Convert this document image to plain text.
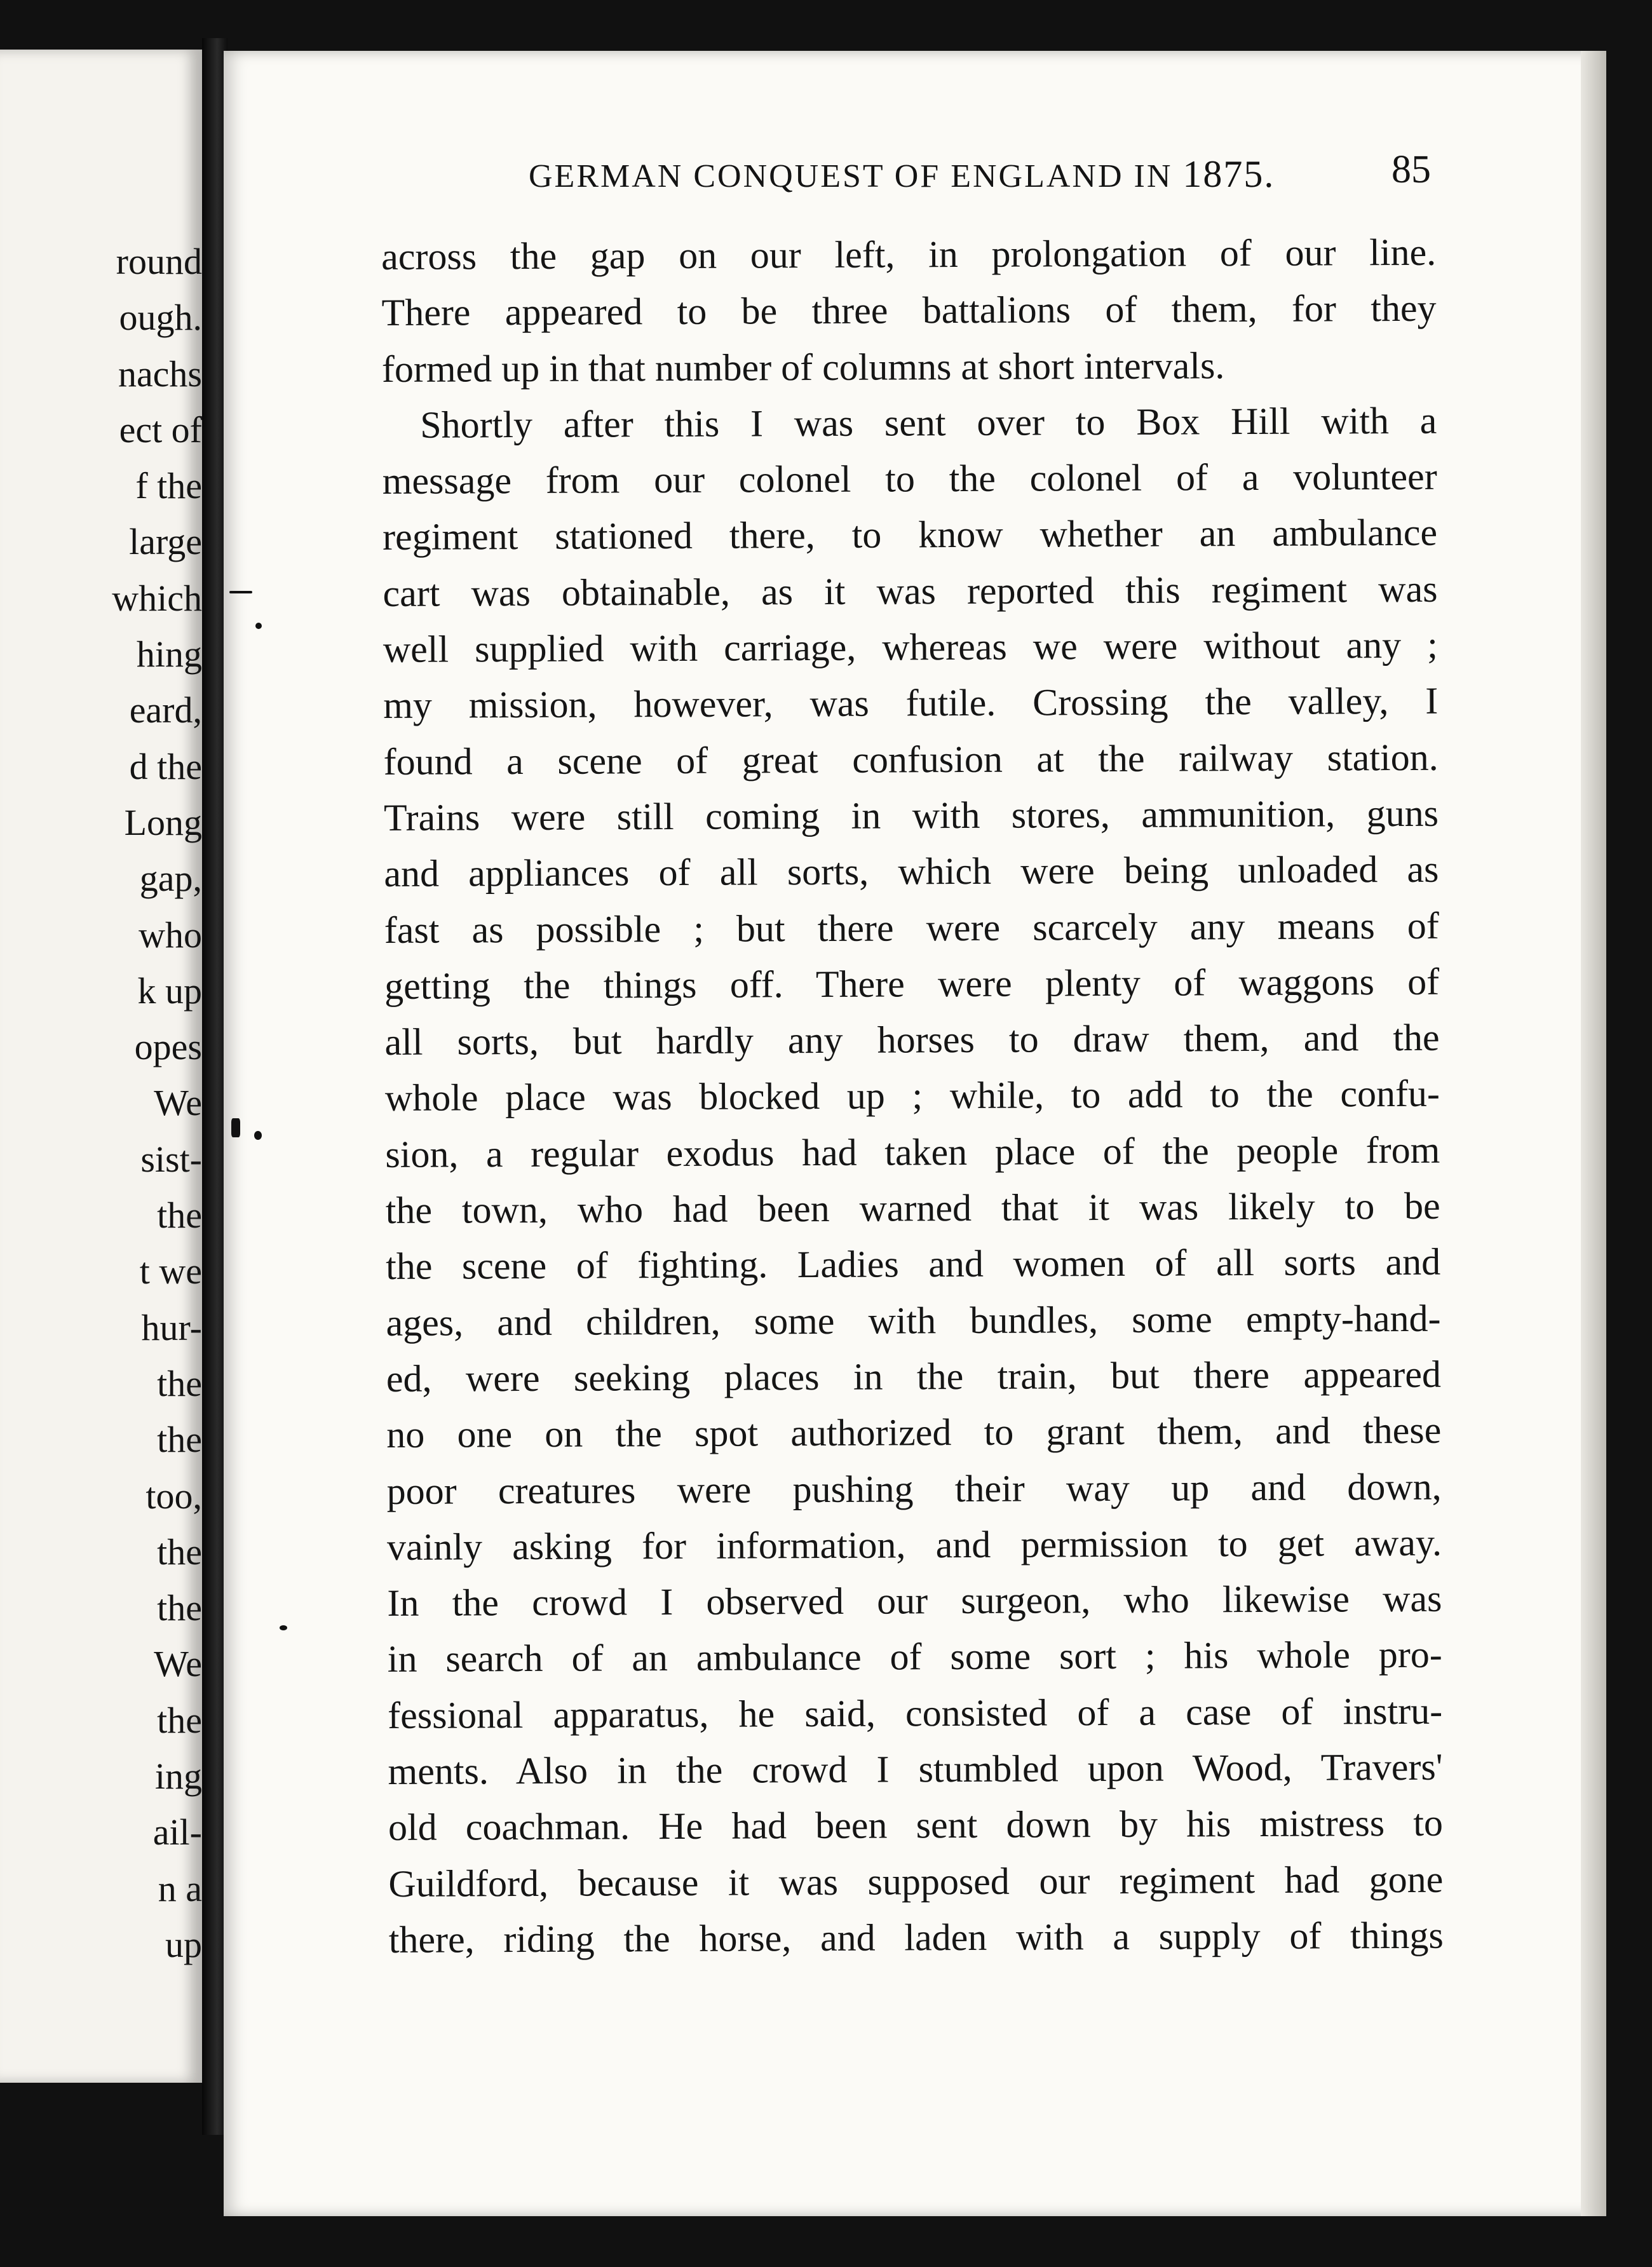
round
ough.
nachs
ect of
f the
large
which
hing
eard,
d the
Long
gap,
who
k up
opes
We
sist-
the
t we
hur-
the
the
too,
the
the
We
the
ing
ail-
n a
up
GERMAN CONQUEST OF ENGLAND IN 1875.	85
across the gap on our left, in prolongation of our line.
There appeared to be three battalions of them, for they
formed up in that number of columns at short intervals.
Shortly after this I was sent over to Box Hill with a
message from our colonel to the colonel of a volunteer
regiment stationed there, to know whether an ambulance
cart was obtainable, as it was reported this regiment was
well supplied with carriage, whereas we were without any ;
my mission, however, was futile. Crossing the valley, I
found a scene of great confusion at the railway station.
Trains were still coming in with stores, ammunition, guns
and appliances of all sorts, which were being unloaded as
fast as possible ; but there were scarcely any means of
getting the things off. There were plenty of waggons of
all sorts, but hardly any horses to draw them, and the
whole place was blocked up ; while, to add to the confu-
sion, a regular exodus had taken place of the people from
the town, who had been warned that it was likely to be
the scene of fighting. Ladies and women of all sorts and
ages, and children, some with bundles, some empty-hand-
ed, were seeking places in the train, but there appeared
no one on the spot authorized to grant them, and these
poor creatures were pushing their way up and down,
vainly asking for information, and permission to get away.
In the crowd I observed our surgeon, who likewise was
in search of an ambulance of some sort ; his whole pro-
fessional apparatus, he said, consisted of a case of instru-
ments. Also in the crowd I stumbled upon Wood, Travers'
old coachman. He had been sent down by his mistress to
Guildford, because it was supposed our regiment had gone
there, riding the horse, and laden with a supply of things
